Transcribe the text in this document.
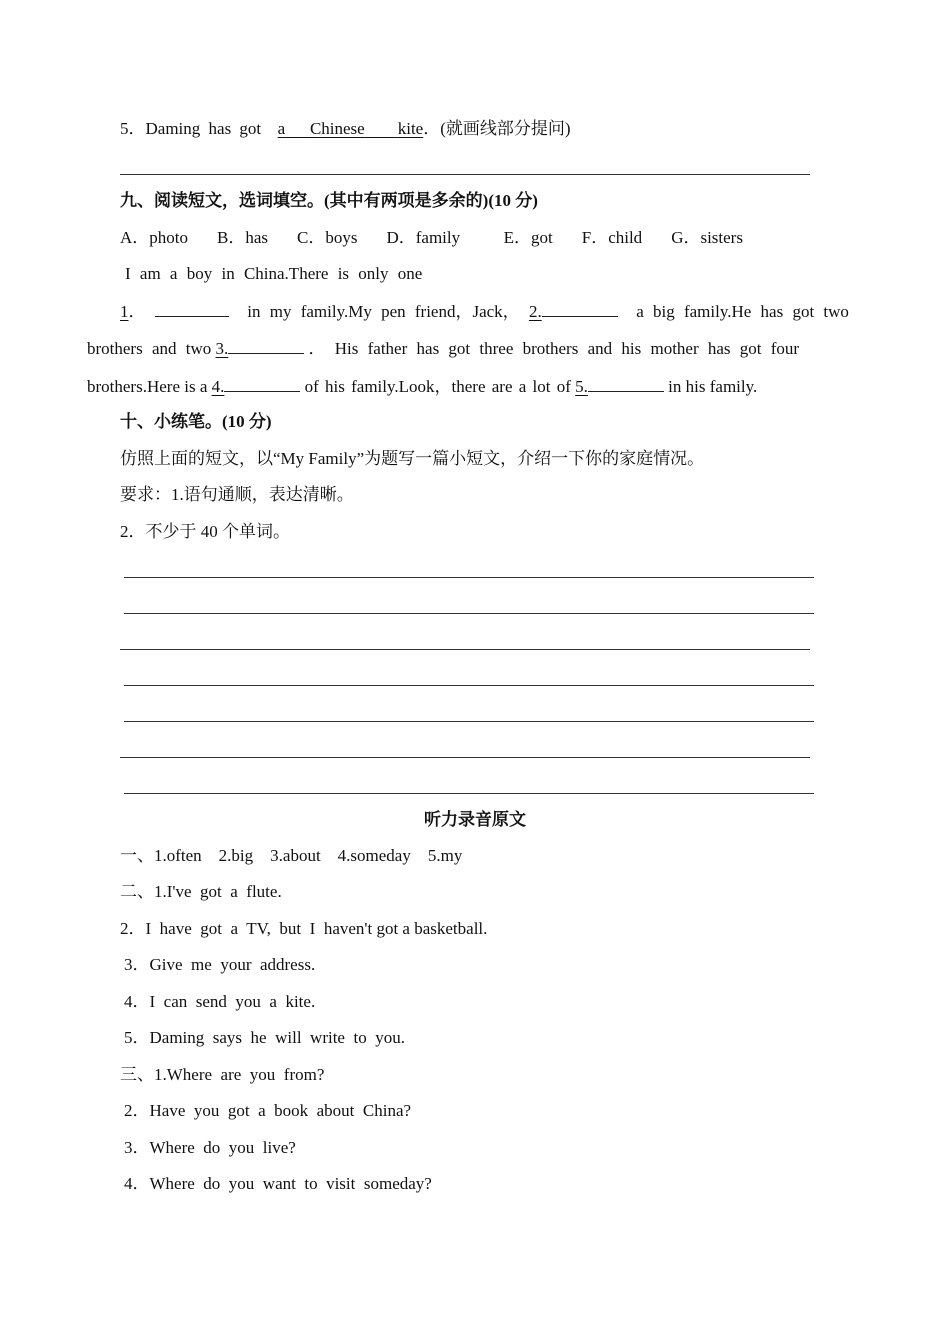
5．Daming has got a Chinese kite．(就画线部分提问)
九、阅读短文，选词填空。(其中有两项是多余的)(10 分)
A．photo B．has C．boys D．family	E．got F．child G．sisters
I am a boy in China.There is only one
1．	in my family.My pen friend，Jack， 2.	a big family.He has got two
brothers and two 3.	． His father has got three brothers and his mother has got four
brothers.Here is a 4.	of his family.Look，there are a lot of 5.	in his family.
十、小练笔。(10 分)
仿照上面的短文，以“My Family”为题写一篇小短文，介绍一下你的家庭情况。
要求：1.语句通顺，表达清晰。
2．不少于 40 个单词。
听力录音原文
一、1.often    2.big    3.about    4.someday    5.my
二、1.I've  got  a  flute.
2．I  have  got  a  TV,  but  I  haven't got a basketball.
3．Give  me  your  address.
4．I  can  send  you  a  kite.
5．Daming  says  he  will  write  to  you.
三、1.Where  are  you  from?
2．Have  you  got  a  book  about  China?
3．Where  do  you  live?
4．Where  do  you  want  to  visit  someday?
